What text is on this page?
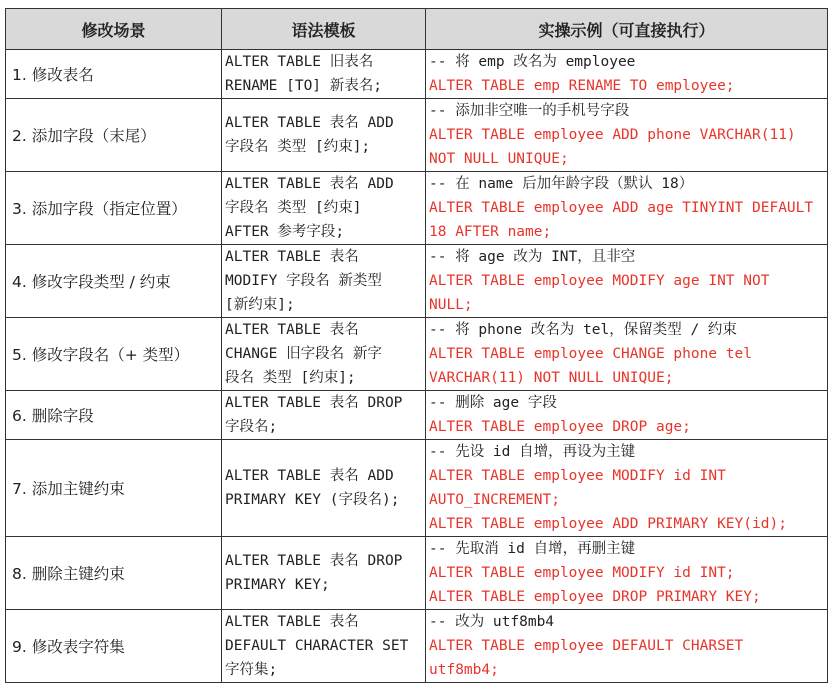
修改场景	语法模板	实操示例（可直接执行）
1. 修改表名	ALTER TABLE 旧表名
RENAME [TO] 新表名;	-- 将 emp 改名为 employee
ALTER TABLE emp RENAME TO employee;

2. 添加字段（末尾）	ALTER TABLE 表名 ADD
字段名 类型 [约束];	-- 添加非空唯一的手机号字段
ALTER TABLE employee ADD phone VARCHAR(11)
NOT NULL UNIQUE;

3. 添加字段（指定位置）	ALTER TABLE 表名 ADD
字段名 类型 [约束]
AFTER 参考字段;	-- 在 name 后加年龄字段（默认 18）
ALTER TABLE employee ADD age TINYINT DEFAULT
18 AFTER name;

4. 修改字段类型 / 约束	ALTER TABLE 表名
MODIFY 字段名 新类型
[新约束];	-- 将 age 改为 INT，且非空
ALTER TABLE employee MODIFY age INT NOT
NULL;

5. 修改字段名（+ 类型）	ALTER TABLE 表名
CHANGE 旧字段名 新字
段名 类型 [约束];	-- 将 phone 改名为 tel，保留类型 / 约束
ALTER TABLE employee CHANGE phone tel
VARCHAR(11) NOT NULL UNIQUE;

6. 删除字段	ALTER TABLE 表名 DROP
字段名;	-- 删除 age 字段
ALTER TABLE employee DROP age;

7. 添加主键约束	ALTER TABLE 表名 ADD
PRIMARY KEY (字段名);	-- 先设 id 自增，再设为主键
ALTER TABLE employee MODIFY id INT
AUTO_INCREMENT;
ALTER TABLE employee ADD PRIMARY KEY(id);

8. 删除主键约束	ALTER TABLE 表名 DROP
PRIMARY KEY;	-- 先取消 id 自增，再删主键
ALTER TABLE employee MODIFY id INT;
ALTER TABLE employee DROP PRIMARY KEY;

9. 修改表字符集	ALTER TABLE 表名
DEFAULT CHARACTER SET
字符集;	-- 改为 utf8mb4
ALTER TABLE employee DEFAULT CHARSET
utf8mb4;
